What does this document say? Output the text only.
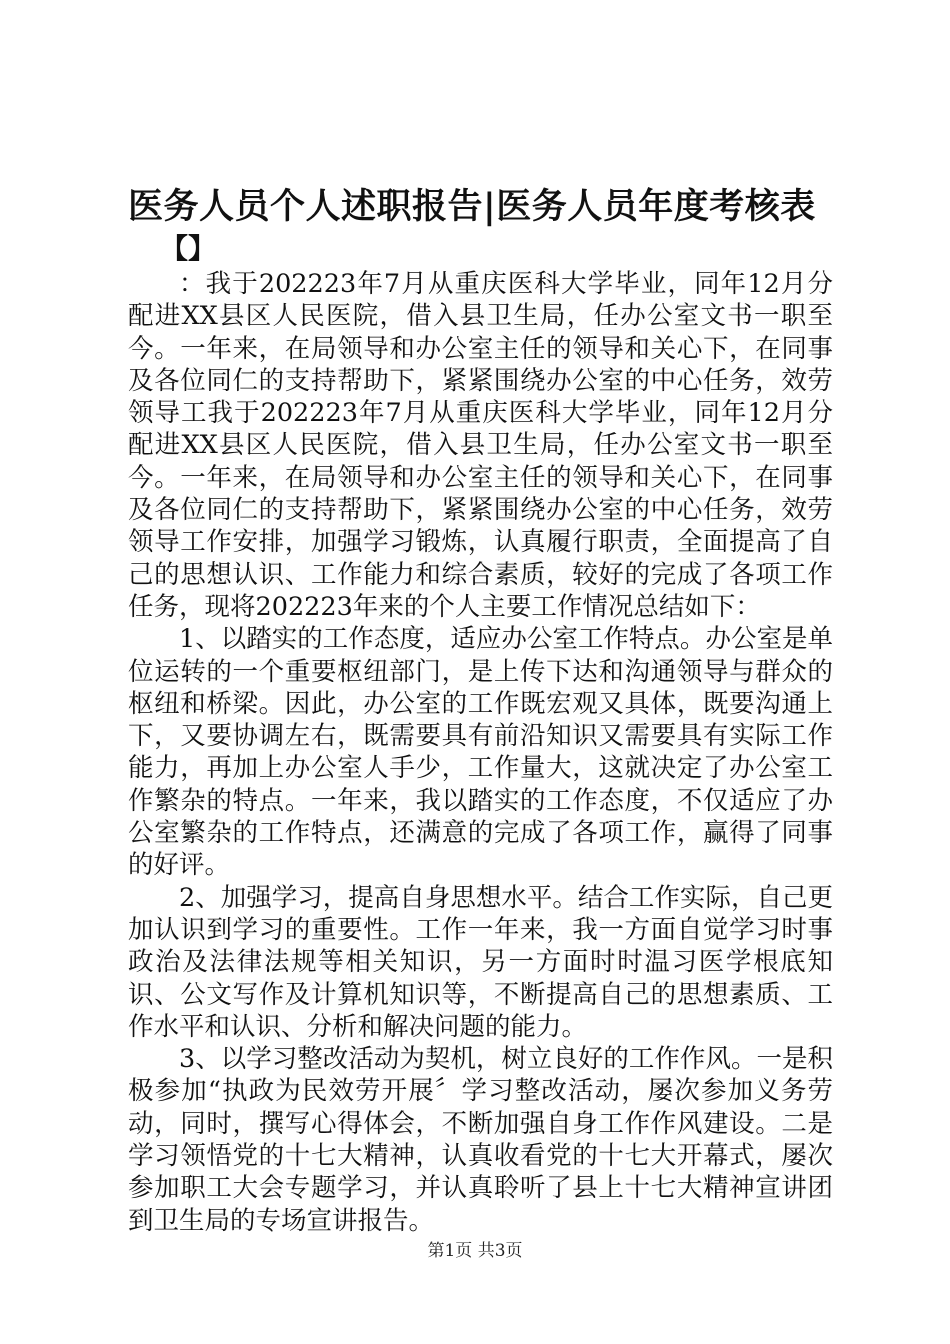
医务人员个人述职报告|医务人员年度考核表
【】

：我于202223年7月从重庆医科大学毕业，同年12月分配进XX县区人民医院，借入县卫生局，任办公室文书一职至今。一年来，在局领导和办公室主任的领导和关心下，在同事及各位同仁的支持帮助下，紧紧围绕办公室的中心任务，效劳领导工我于202223年7月从重庆医科大学毕业，同年12月分配进XX县区人民医院，借入县卫生局，任办公室文书一职至今。一年来，在局领导和办公室主任的领导和关心下，在同事及各位同仁的支持帮助下，紧紧围绕办公室的中心任务，效劳领导工作安排，加强学习锻炼，认真履行职责，全面提高了自己的思想认识、工作能力和综合素质，较好的完成了各项工作任务，现将202223年来的个人主要工作情况总结如下：

1、以踏实的工作态度，适应办公室工作特点。办公室是单位运转的一个重要枢纽部门，是上传下达和沟通领导与群众的枢纽和桥梁。因此，办公室的工作既宏观又具体，既要沟通上下，又要协调左右，既需要具有前沿知识又需要具有实际工作能力，再加上办公室人手少，工作量大，这就决定了办公室工作繁杂的特点。一年来，我以踏实的工作态度，不仅适应了办公室繁杂的工作特点，还满意的完成了各项工作，赢得了同事的好评。

2、加强学习，提高自身思想水平。结合工作实际，自己更加认识到学习的重要性。工作一年来，我一方面自觉学习时事政治及法律法规等相关知识，另一方面时时温习医学根底知识、公文写作及计算机知识等，不断提高自己的思想素质、工作水平和认识、分析和解决问题的能力。

3、以学习整改活动为契机，树立良好的工作作风。一是积极参加“执政为民效劳开展〞学习整改活动，屡次参加义务劳动，同时，撰写心得体会，不断加强自身工作作风建设。二是学习领悟党的十七大精神，认真收看党的十七大开幕式，屡次参加职工大会专题学习，并认真聆听了县上十七大精神宣讲团到卫生局的专场宣讲报告。

第1页 共3页
